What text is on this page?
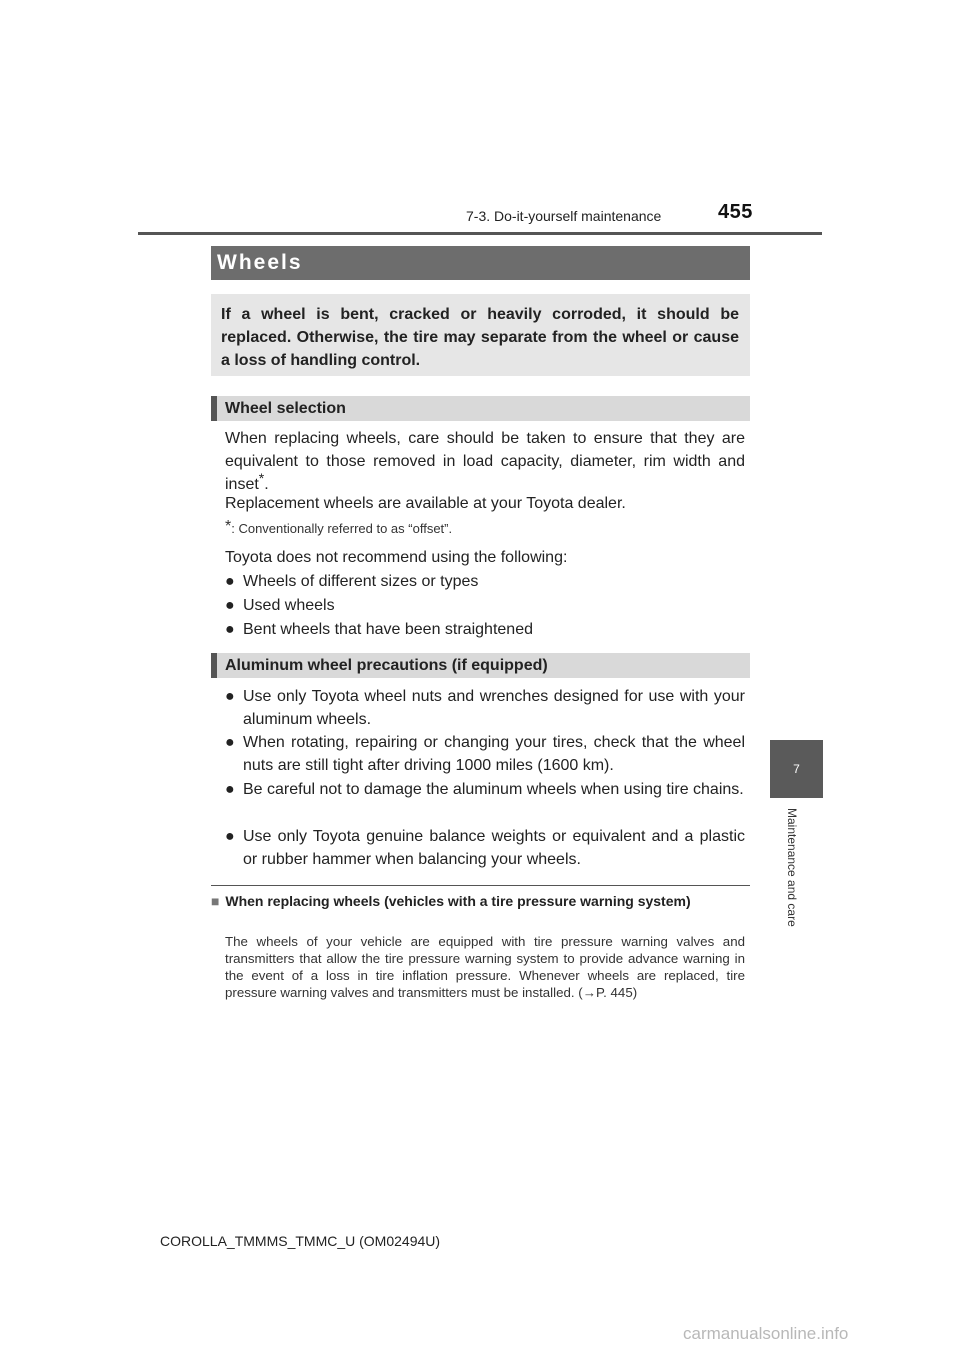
7-3. Do-it-yourself maintenance	455
7
Maintenance and care
Wheels
If a wheel is bent, cracked or heavily corroded, it should be replaced. Otherwise, the tire may separate from the wheel or cause a loss of handling control.
Wheel selection
When replacing wheels, care should be taken to ensure that they are equivalent to those removed in load capacity, diameter, rim width and inset*.
Replacement wheels are available at your Toyota dealer.
*: Conventionally referred to as “offset”.
Toyota does not recommend using the following:
● Wheels of different sizes or types
● Used wheels
● Bent wheels that have been straightened
Aluminum wheel precautions (if equipped)
● Use only Toyota wheel nuts and wrenches designed for use with your aluminum wheels.
● When rotating, repairing or changing your tires, check that the wheel nuts are still tight after driving 1000 miles (1600 km).
● Be careful not to damage the aluminum wheels when using tire chains.
● Use only Toyota genuine balance weights or equivalent and a plastic or rubber hammer when balancing your wheels.
■ When replacing wheels (vehicles with a tire pressure warning system)
The wheels of your vehicle are equipped with tire pressure warning valves and transmitters that allow the tire pressure warning system to provide advance warning in the event of a loss in tire inflation pressure. Whenever wheels are replaced, tire pressure warning valves and transmitters must be installed. (→P. 445)
COROLLA_TMMMS_TMMC_U (OM02494U)
carmanualsonline.info
